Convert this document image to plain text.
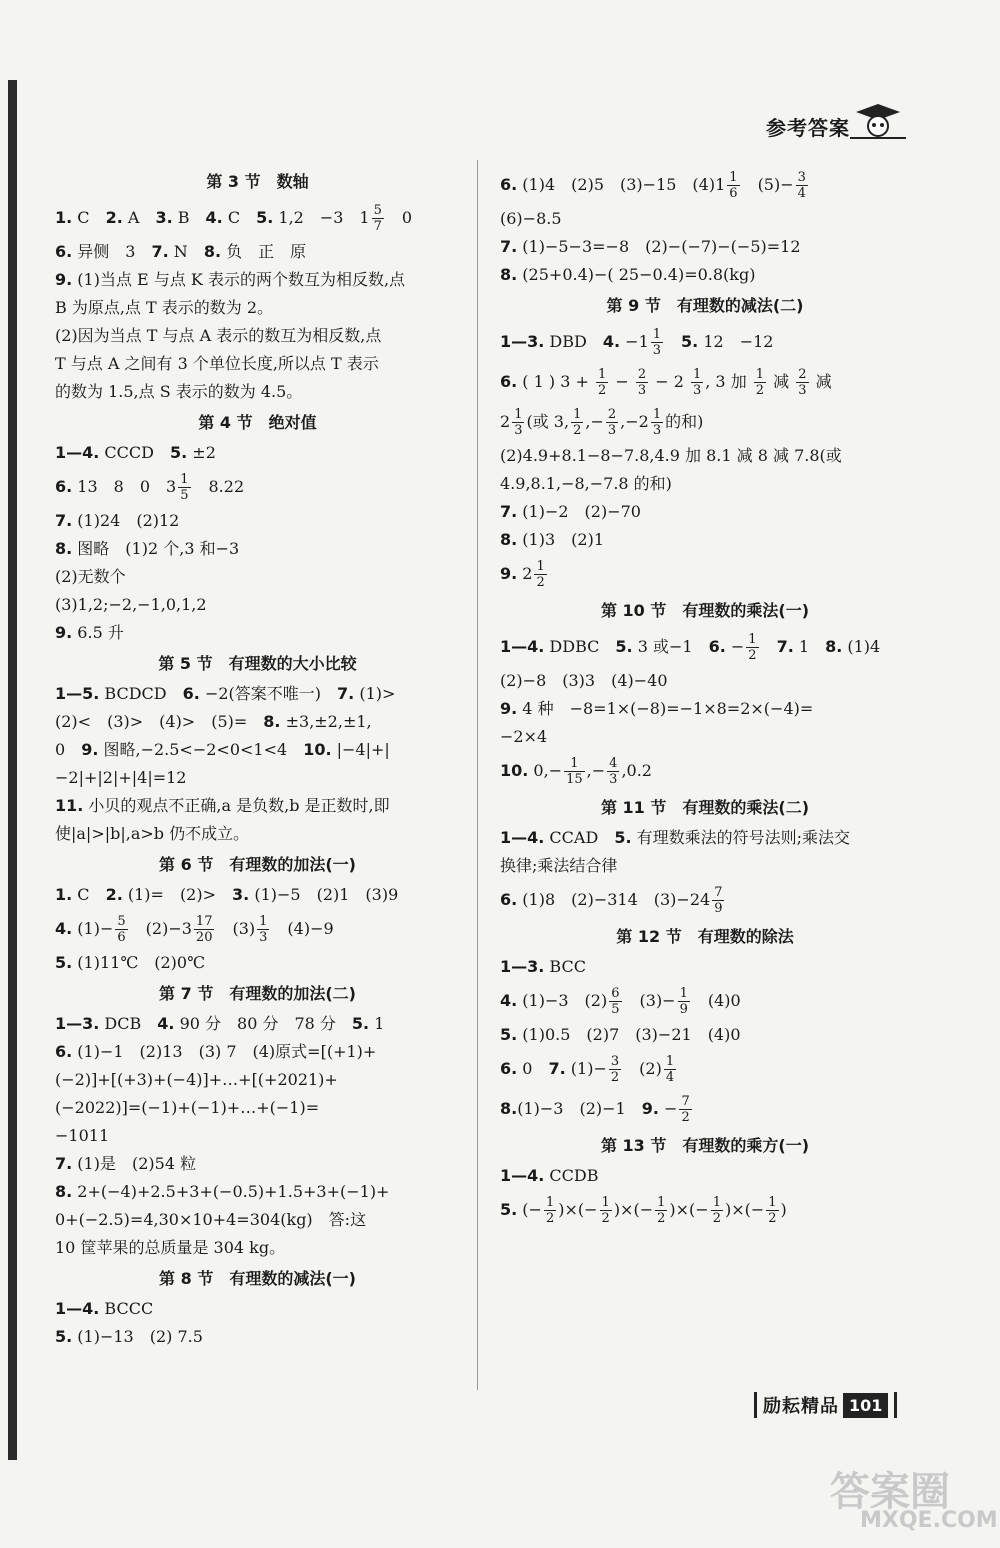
参考答案
第 3 节　数轴
1. C　2. A　3. B　4. C　5. 1,2　−3　$1 \frac{5}{7}$ 　0
6. 异侧　3　7. N　8. 负　正　原
9. (1)当点 E 与点 K 表示的两个数互为相反数,点
B 为原点,点 T 表示的数为 2。
(2)因为当点 T 与点 A 表示的数互为相反数,点
T 与点 A 之间有 3 个单位长度,所以点 T 表示
的数为 1.5,点 S 表示的数为 4.5。
第 4 节　绝对值
1—4. CCCD　5. ±2
6. 13　8　0　$3 \frac{1}{5}$ 　8.22
7. (1)24　(2)12
8. 图略　(1)2 个,3 和−3
(2)无数个
(3)1,2;−2,−1,0,1,2
9. 6.5 升
第 5 节　有理数的大小比较
1—5. BCDCD　6. −2(答案不唯一)　7. (1)>
(2)<　(3)>　(4)>　(5)=　8. ±3,±2,±1,
0　9. 图略,−2.5<−2<0<1<4　10. |−4|+|
−2|+|2|+|4|=12
11. 小贝的观点不正确,a 是负数,b 是正数时,即
使|a|>|b|,a>b 仍不成立。
第 6 节　有理数的加法(一)
1. C　2. (1)=　(2)>　3. (1)−5　(2)1　(3)9
4. $(1)- \frac{5}{6}$ 　$(2)-3 \frac{17}{20}$ 　$(3) \frac{1}{3}$ 　(4)−9
5. (1)11℃　(2)0℃
第 7 节　有理数的加法(二)
1—3. DCB　4. 90 分　80 分　78 分　5. 1
6. (1)−1　(2)13　(3) 7　(4)原式=[(+1)+
(−2)]+[(+3)+(−4)]+…+[(+2021)+
(−2022)]=(−1)+(−1)+…+(−1)=
−1011
7. (1)是　(2)54 粒
8. 2+(−4)+2.5+3+(−0.5)+1.5+3+(−1)+
0+(−2.5)=4,30×10+4=304(kg)　答:这
10 筐苹果的总质量是 304 kg。
第 8 节　有理数的减法(一)
1—4. BCCC
5. (1)−13　(2) 7.5
6. (1)4　(2)5　(3)−15　$(4)1 \frac{1}{6}$ 　$(5)- \frac{3}{4}$
(6)−8.5
7. (1)−5−3=−8　(2)−(−7)−(−5)=12
8. (25+0.4)−( 25−0.4)=0.8(kg)
第 9 节　有理数的减法(二)
1—3. DBD　4. $-1 \frac{1}{3}$
　 5. 12　−12
6. ( 1 ) $3 + \frac{1}{2} - \frac{2}{3} - 2 \frac{1}{3}$ , 3 加 $\frac{1}{2}$ 减 $\frac{2}{3}$ 减
$2 \frac{1}{3}$ (或 3, $\frac{1}{2}$ ,− $\frac{2}{3} ,-2 \frac{1}{3}$ 的和)
(2)4.9+8.1−8−7.8,4.9 加 8.1 减 8 减 7.8(或
4.9,8.1,−8,−7.8 的和)
7. (1)−2　(2)−70
8. (1)3　(2)1
9. $2 \frac{1}{2}$
第 10 节　有理数的乘法(一)
1—4. DDBC　5. 3 或−1　6. − $\frac{1}{2}$
　 7. 1　8. (1)4
(2)−8　(3)3　(4)−40
9. 4 种　−8=1×(−8)=−1×8=2×(−4)=
−2×4
10. $0,- \frac{1}{15}$ ,− $\frac{4}{3} ,0.2$
第 11 节　有理数的乘法(二)
1—4. CCAD　5. 有理数乘法的符号法则;乘法交
换律;乘法结合律
6. (1)8　(2)−314　$(3)-24 \frac{7}{9}$
第 12 节　有理数的除法
1—3. BCC
4. (1)−3　$(2) \frac{6}{5}$ 　$(3)- \frac{1}{9}$ 　(4)0
5. (1)0.5　(2)7　(3)−21　(4)0
6. 0　7. $(1)- \frac{3}{2}$ 　$(2) \frac{1}{4}$
8.(1)−3　(2)−1　9. − $\frac{7}{2}$
第 13 节　有理数的乘方(一)
1—4. CCDB
5. (− $\frac{1}{2}$ )×(− $\frac{1}{2}$ )×(− $\frac{1}{2}$ )×(− $\frac{1}{2}$ )×(− $\frac{1}{2}$ )
励耘精品 101
答案圈
MXQE.COM
